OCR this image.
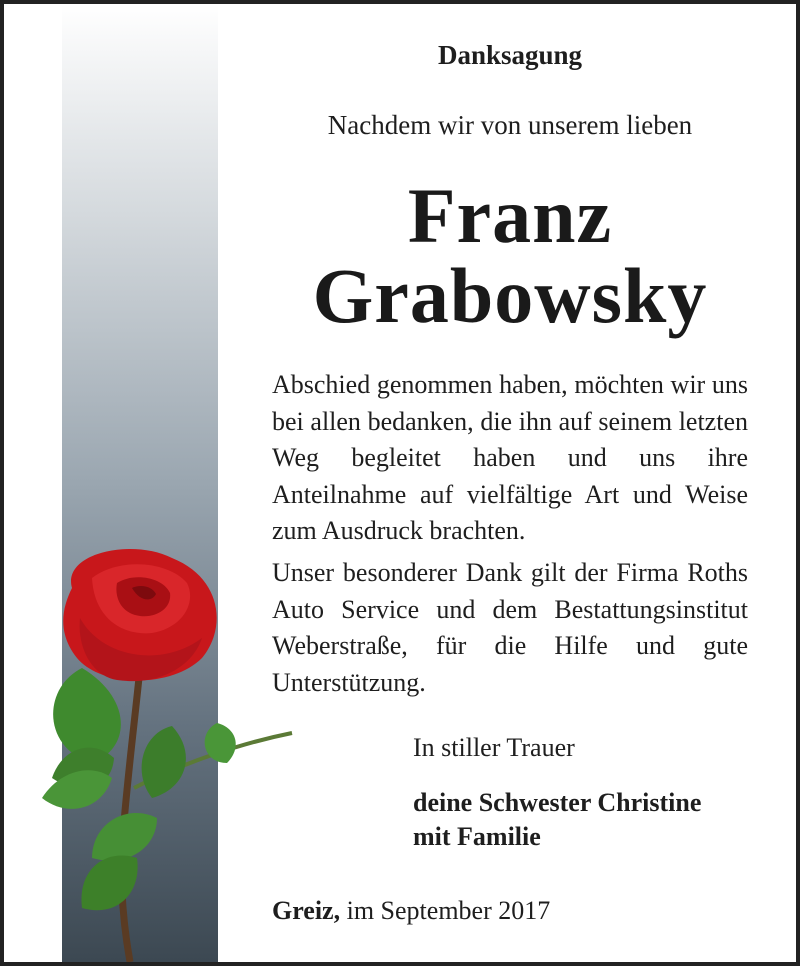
Danksagung

Nachdem wir von unserem lieben

Franz
Grabowsky

Abschied genommen haben, möchten wir uns bei allen bedanken, die ihn auf seinem letzten Weg begleitet haben und uns ihre Anteilnahme auf vielfältige Art und Weise zum Ausdruck brachten.

Unser besonderer Dank gilt der Firma Roths Auto Service und dem Bestattungsinstitut Weberstraße, für die Hilfe und gute Unterstützung.

In stiller Trauer

deine Schwester Christine
mit Familie

Greiz, im September 2017
